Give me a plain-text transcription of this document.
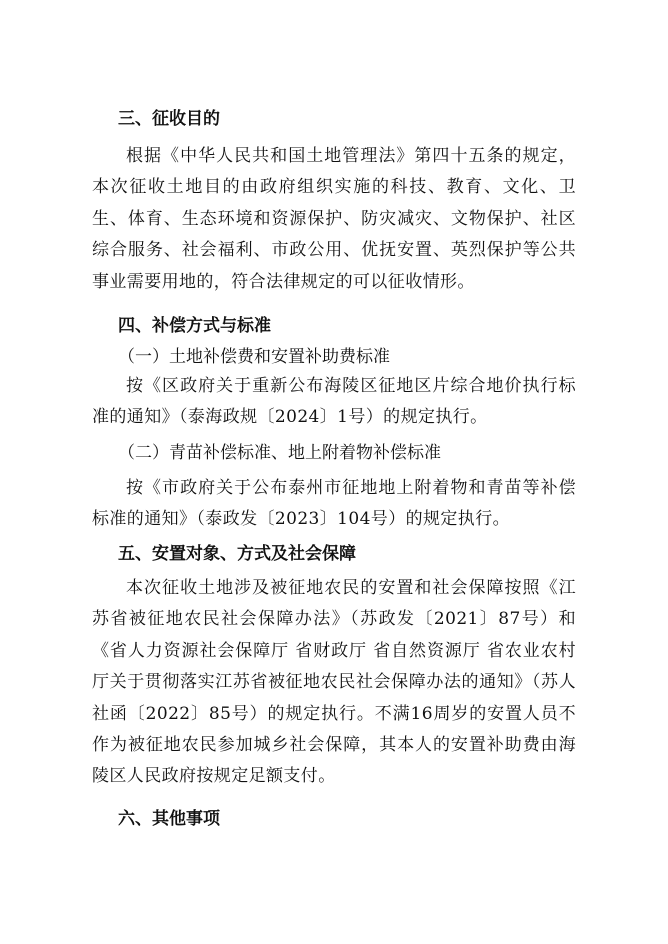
三、征收目的
根据《中华人民共和国土地管理法》第四十五条的规定，本次征收土地目的由政府组织实施的科技、教育、文化、卫生、体育、生态环境和资源保护、防灾减灾、文物保护、社区综合服务、社会福利、市政公用、优抚安置、英烈保护等公共事业需要用地的，符合法律规定的可以征收情形。
四、补偿方式与标准
（一）土地补偿费和安置补助费标准
按《区政府关于重新公布海陵区征地区片综合地价执行标准的通知》（泰海政规〔2024〕1号）的规定执行。
（二）青苗补偿标准、地上附着物补偿标准
按《市政府关于公布泰州市征地地上附着物和青苗等补偿标准的通知》（泰政发〔2023〕104号）的规定执行。
五、安置对象、方式及社会保障
本次征收土地涉及被征地农民的安置和社会保障按照《江苏省被征地农民社会保障办法》（苏政发〔2021〕87号）和《省人力资源社会保障厅 省财政厅 省自然资源厅 省农业农村厅关于贯彻落实江苏省被征地农民社会保障办法的通知》（苏人社函〔2022〕85号）的规定执行。不满16周岁的安置人员不作为被征地农民参加城乡社会保障，其本人的安置补助费由海陵区人民政府按规定足额支付。
六、其他事项
